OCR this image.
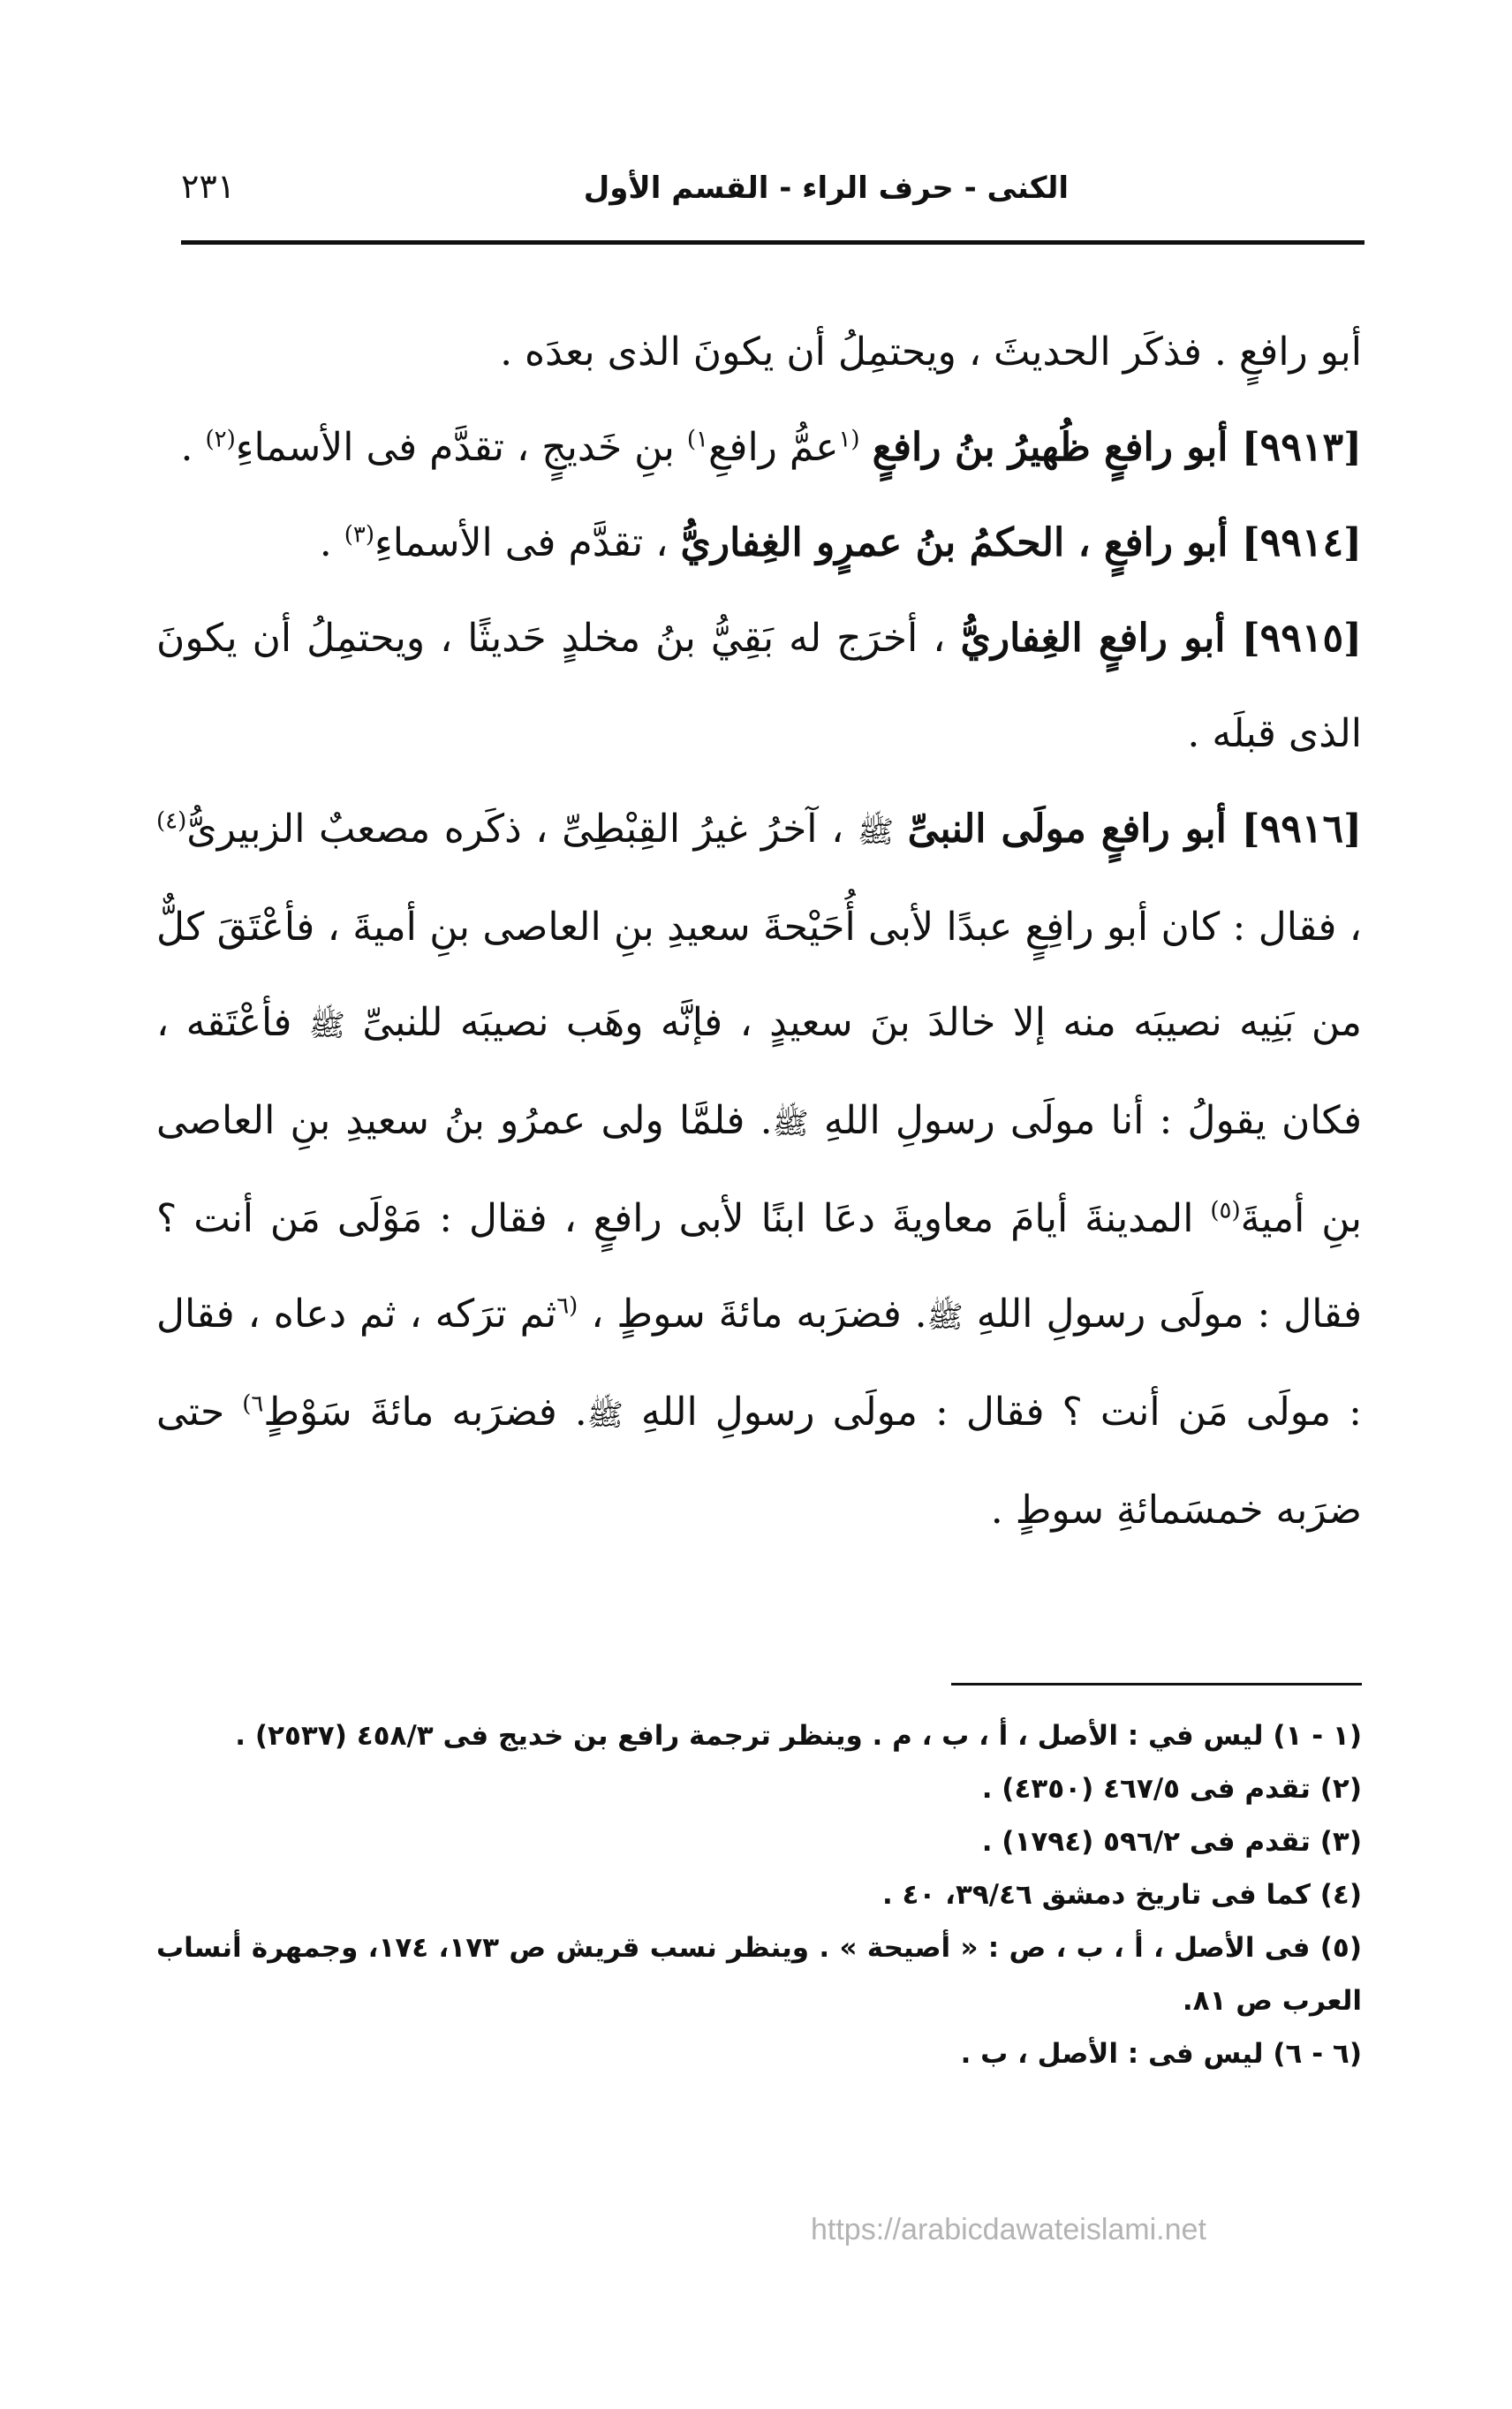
الكنى - حرف الراء - القسم الأول
٢٣١

أبو رافعٍ . فذكَر الحديثَ ، ويحتمِلُ أن يكونَ الذى بعدَه .

[٩٩١٣] أبو رافعٍ ظُهيرُ بنُ رافعٍ $^{(١}$عمُّ رافعِ$^{١)}$ بنِ خَديجٍ ، تقدَّم فى الأسماءِ$^{(٢)}$ .

[٩٩١٤] أبو رافعٍ ، الحكمُ بنُ عمرٍو الغِفاريُّ ، تقدَّم فى الأسماءِ$^{(٣)}$ .

[٩٩١٥] أبو رافعٍ الغِفاريُّ ، أخرَج له بَقِيُّ بنُ مخلدٍ حَديثًا ، ويحتمِلُ أن يكونَ الذى قبلَه .

[٩٩١٦] أبو رافعٍ مولَى النبىِّ ﷺ ، آخرُ غيرُ القِبْطِىِّ ، ذكَره مصعبٌ الزبيرىُّ$^{(٤)}$ ، فقال : كان أبو رافِعٍ عبدًا لأبى أُحَيْحةَ سعيدِ بنِ العاصى بنِ أميةَ ، فأعْتَقَ كلٌّ من بَنِيه نصيبَه منه إلا خالدَ بنَ سعيدٍ ، فإنَّه وهَب نصيبَه للنبىِّ ﷺ فأعْتَقه ، فكان يقولُ : أنا مولَى رسولِ اللهِ ﷺ. فلمَّا ولى عمرُو بنُ سعيدِ بنِ العاصى بنِ أميةَ$^{(٥)}$ المدينةَ أيامَ معاويةَ دعَا ابنًا لأبى رافعٍ ، فقال : مَوْلَى مَن أنت ؟ فقال : مولَى رسولِ اللهِ ﷺ. فضرَبه مائةَ سوطٍ ، $^{(٦}$ثم ترَكه ، ثم دعاه ، فقال : مولَى مَن أنت ؟ فقال : مولَى رسولِ اللهِ ﷺ. فضرَبه مائةَ سَوْطٍ$^{٦)}$ حتى ضرَبه خمسَمائةِ سوطٍ .

(١ - ١) ليس في : الأصل ، أ ، ب ، م . وينظر ترجمة رافع بن خديج فى ٤٥٨/٣ (٢٥٣٧) .

(٢) تقدم فى ٤٦٧/٥ (٤٣٥٠) .

(٣) تقدم فى ٥٩٦/٢ (١٧٩٤) .

(٤) كما فى تاريخ دمشق ٣٩/٤٦، ٤٠ .

(٥) فى الأصل ، أ ، ب ، ص : « أصيحة » . وينظر نسب قريش ص ١٧٣، ١٧٤، وجمهرة أنساب العرب ص ٨١.

(٦ - ٦) ليس فى : الأصل ، ب .

https://arabicdawateislami.net
